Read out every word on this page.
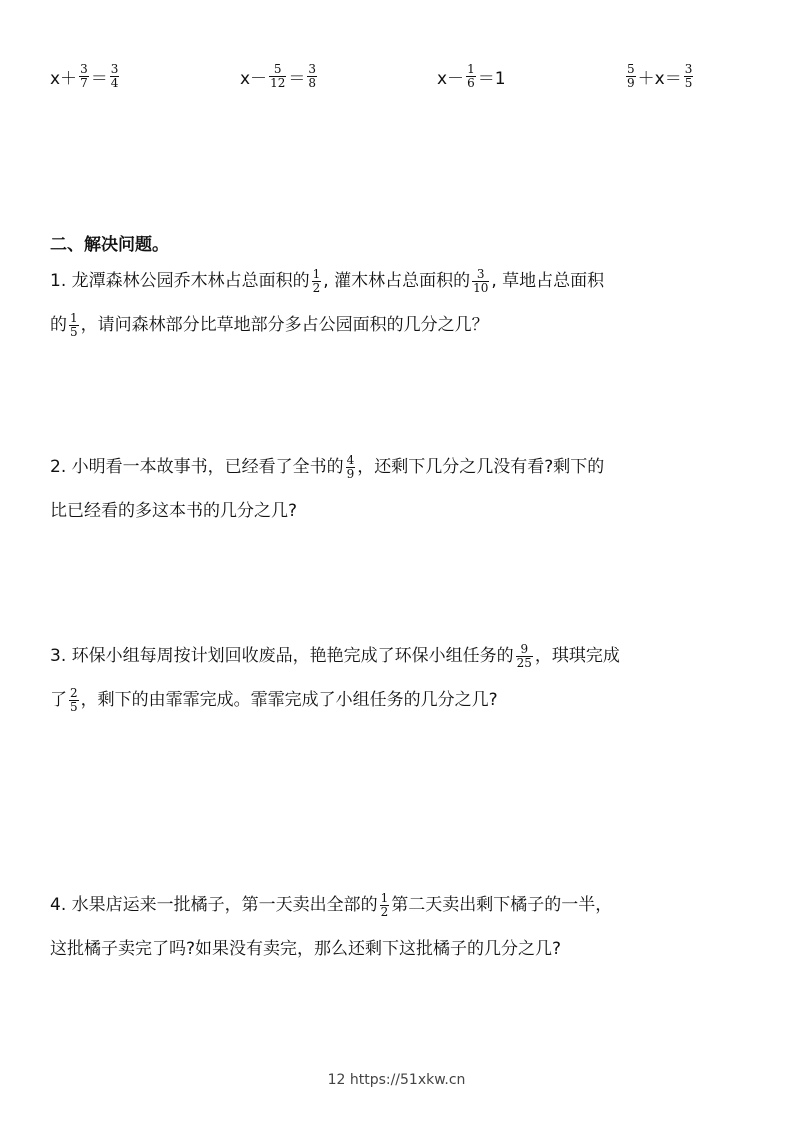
$x+ \frac{3}{7} = \frac{3}{4}$	$x- \frac{5}{12} = \frac{3}{8}$	$x- \frac{1}{6} =1$	$\frac{5}{9} +x= \frac{3}{5}$
二、解决问题。
1. 龙潭森林公园乔木林占总面积的 $\frac{1}{2}$ , 灌木林占总面积的 $\frac{3}{10}$ , 草地占总面积
的 $\frac{1}{5}$ ，请问森林部分比草地部分多占公园面积的几分之几？
2. 小明看一本故事书，已经看了全书的 $\frac{4}{9}$ ，还剩下几分之几没有看?剩下的
比已经看的多这本书的几分之几?
3. 环保小组每周按计划回收废品，艳艳完成了环保小组任务的 $\frac{9}{25}$ ，琪琪完成
了 $\frac{2}{5}$ ，剩下的由霏霏完成。霏霏完成了小组任务的几分之几?
4. 水果店运来一批橘子，第一天卖出全部的 $\frac{1}{2}$ 第二天卖出剩下橘子的一半，
这批橘子卖完了吗?如果没有卖完，那么还剩下这批橘子的几分之几?
12 https://51xkw.cn
